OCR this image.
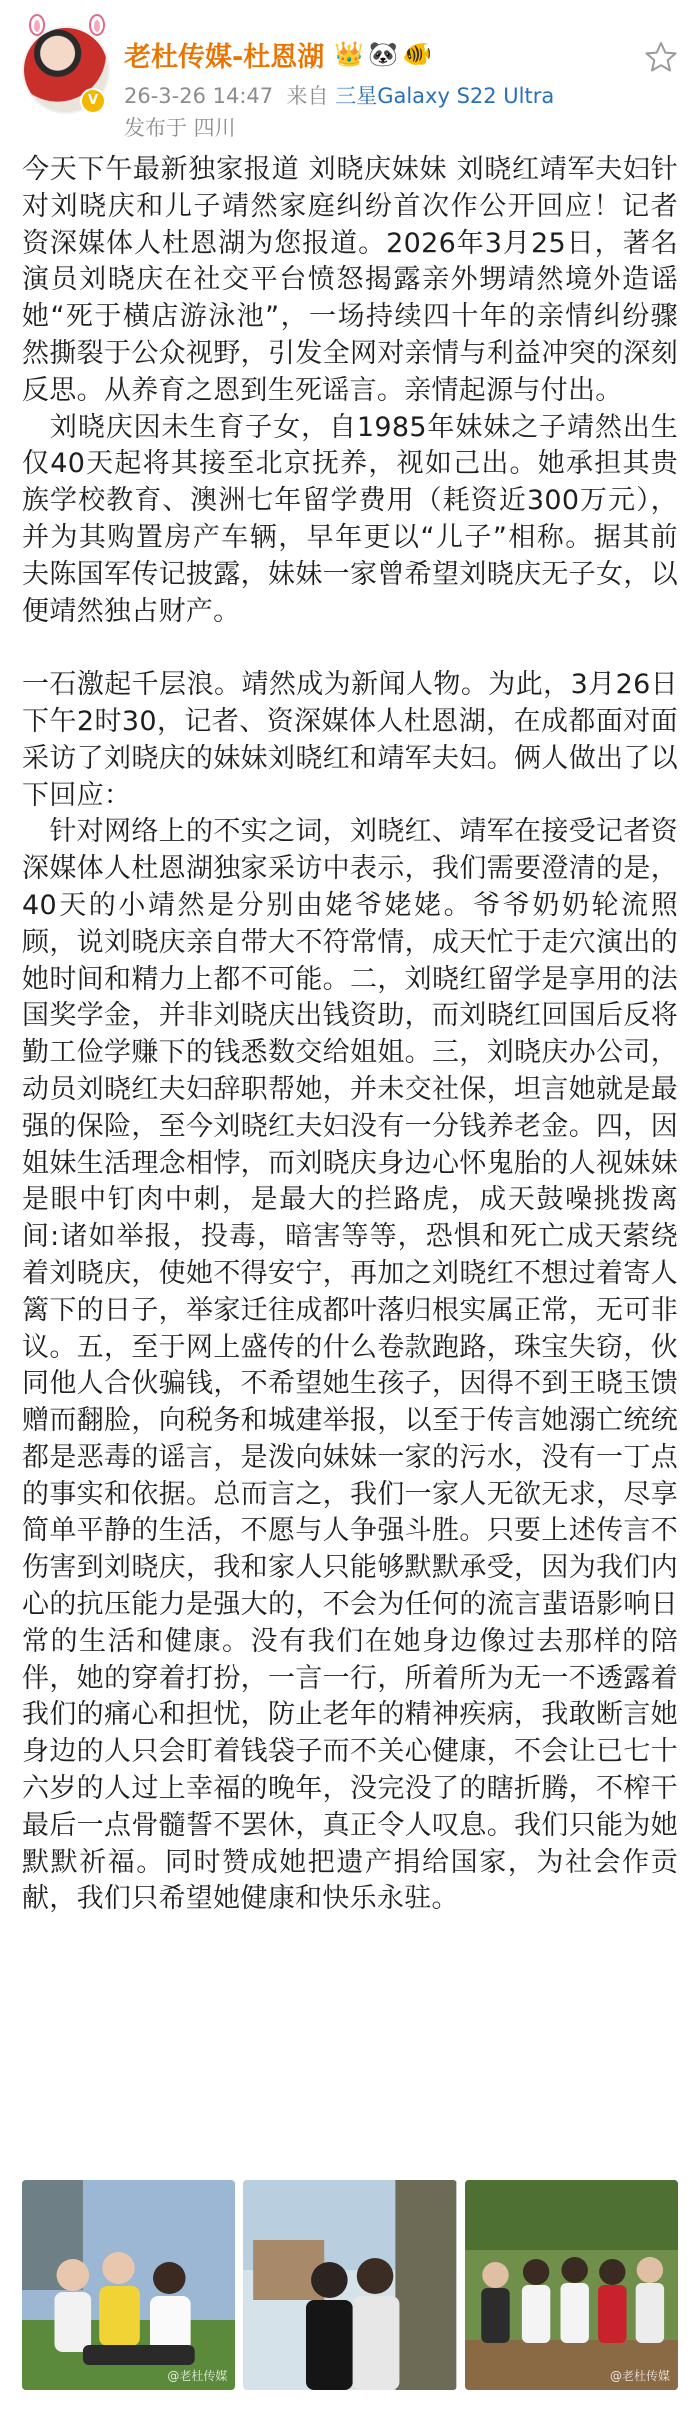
V
老杜传媒-杜恩湖 👑🐼🐠
26-3-26 14:47 来自 三星Galaxy S22 Ultra
发布于 四川

今天下午最新独家报道 刘晓庆妹妹 刘晓红靖军夫妇针对刘晓庆和儿子靖然家庭纠纷首次作公开回应！记者 资深媒体人杜恩湖为您报道。2026年3月25日，著名演员刘晓庆在社交平台愤怒揭露亲外甥靖然境外造谣她“死于横店游泳池”，一场持续四十年的亲情纠纷骤然撕裂于公众视野，引发全网对亲情与利益冲突的深刻反思。从养育之恩到生死谣言。亲情起源与付出。

　刘晓庆因未生育子女，自1985年妹妹之子靖然出生仅40天起将其接至北京抚养，视如己出。她承担其贵族学校教育、澳洲七年留学费用（耗资近300万元），并为其购置房产车辆，早年更以“儿子”相称。据其前夫陈国军传记披露，妹妹一家曾希望刘晓庆无子女，以便靖然独占财产。

一石激起千层浪。靖然成为新闻人物。为此，3月26日下午2时30，记者、资深媒体人杜恩湖，在成都面对面采访了刘晓庆的妹妹刘晓红和靖军夫妇。俩人做出了以下回应：

　针对网络上的不实之词，刘晓红、靖军在接受记者资深媒体人杜恩湖独家采访中表示，我们需要澄清的是，40天的小靖然是分别由姥爷姥姥。爷爷奶奶轮流照顾，说刘晓庆亲自带大不符常情，成天忙于走穴演出的她时间和精力上都不可能。二，刘晓红留学是享用的法国奖学金，并非刘晓庆出钱资助，而刘晓红回国后反将勤工俭学赚下的钱悉数交给姐姐。三，刘晓庆办公司，动员刘晓红夫妇辞职帮她，并未交社保，坦言她就是最强的保险，至今刘晓红夫妇没有一分钱养老金。四，因姐妹生活理念相悖，而刘晓庆身边心怀鬼胎的人视妹妹是眼中钉肉中刺，是最大的拦路虎，成天鼓噪挑拨离间:诸如举报，投毒，暗害等等，恐惧和死亡成天萦绕着刘晓庆，使她不得安宁，再加之刘晓红不想过着寄人篱下的日子，举家迁往成都叶落归根实属正常，无可非议。五，至于网上盛传的什么卷款跑路，珠宝失窃，伙同他人合伙骗钱，不希望她生孩子，因得不到王晓玉馈赠而翻脸，向税务和城建举报，以至于传言她溺亡统统都是恶毒的谣言，是泼向妹妹一家的污水，没有一丁点的事实和依据。总而言之，我们一家人无欲无求，尽享简单平静的生活，不愿与人争强斗胜。只要上述传言不伤害到刘晓庆，我和家人只能够默默承受，因为我们内心的抗压能力是强大的，不会为任何的流言蜚语影响日常的生活和健康。没有我们在她身边像过去那样的陪伴，她的穿着打扮，一言一行，所着所为无一不透露着我们的痛心和担忧，防止老年的精神疾病，我敢断言她身边的人只会盯着钱袋子而不关心健康，不会让已七十六岁的人过上幸福的晚年，没完没了的瞎折腾，不榨干最后一点骨髓誓不罢休，真正令人叹息。我们只能为她默默祈福。同时赞成她把遗产捐给国家，为社会作贡献，我们只希望她健康和快乐永驻。

@老杜传媒	@老杜传媒
